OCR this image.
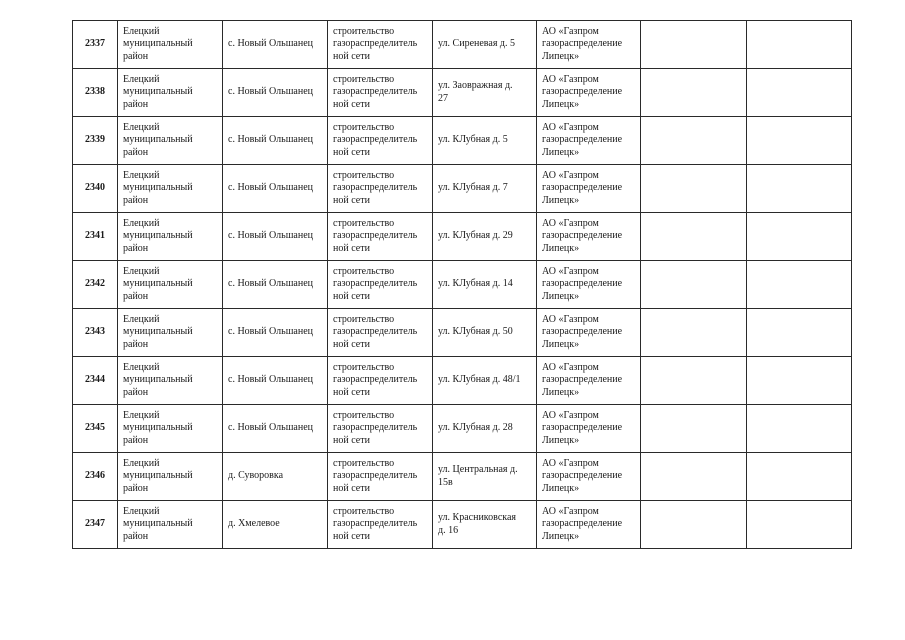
2337	Елецкий
муниципальный
район	с. Новый Ольшанец	строительство
газораспределитель
ной сети	ул. Сиреневая д. 5	АО «Газпром
газораспределение
Липецк»		
2338	Елецкий
муниципальный
район	с. Новый Ольшанец	строительство
газораспределитель
ной сети	ул. Заовражная д.
27	АО «Газпром
газораспределение
Липецк»		
2339	Елецкий
муниципальный
район	с. Новый Ольшанец	строительство
газораспределитель
ной сети	ул. КЛубная д. 5	АО «Газпром
газораспределение
Липецк»		
2340	Елецкий
муниципальный
район	с. Новый Ольшанец	строительство
газораспределитель
ной сети	ул. КЛубная д. 7	АО «Газпром
газораспределение
Липецк»		
2341	Елецкий
муниципальный
район	с. Новый Ольшанец	строительство
газораспределитель
ной сети	ул. КЛубная д. 29	АО «Газпром
газораспределение
Липецк»		
2342	Елецкий
муниципальный
район	с. Новый Ольшанец	строительство
газораспределитель
ной сети	ул. КЛубная д. 14	АО «Газпром
газораспределение
Липецк»		
2343	Елецкий
муниципальный
район	с. Новый Ольшанец	строительство
газораспределитель
ной сети	ул. КЛубная д. 50	АО «Газпром
газораспределение
Липецк»		
2344	Елецкий
муниципальный
район	с. Новый Ольшанец	строительство
газораспределитель
ной сети	ул. КЛубная д. 48/1	АО «Газпром
газораспределение
Липецк»		
2345	Елецкий
муниципальный
район	с. Новый Ольшанец	строительство
газораспределитель
ной сети	ул. КЛубная д. 28	АО «Газпром
газораспределение
Липецк»		
2346	Елецкий
муниципальный
район	д. Суворовка	строительство
газораспределитель
ной сети	ул. Центральная д.
15в	АО «Газпром
газораспределение
Липецк»		
2347	Елецкий
муниципальный
район	д. Хмелевое	строительство
газораспределитель
ной сети	ул. Красниковская
д. 16	АО «Газпром
газораспределение
Липецк»		
